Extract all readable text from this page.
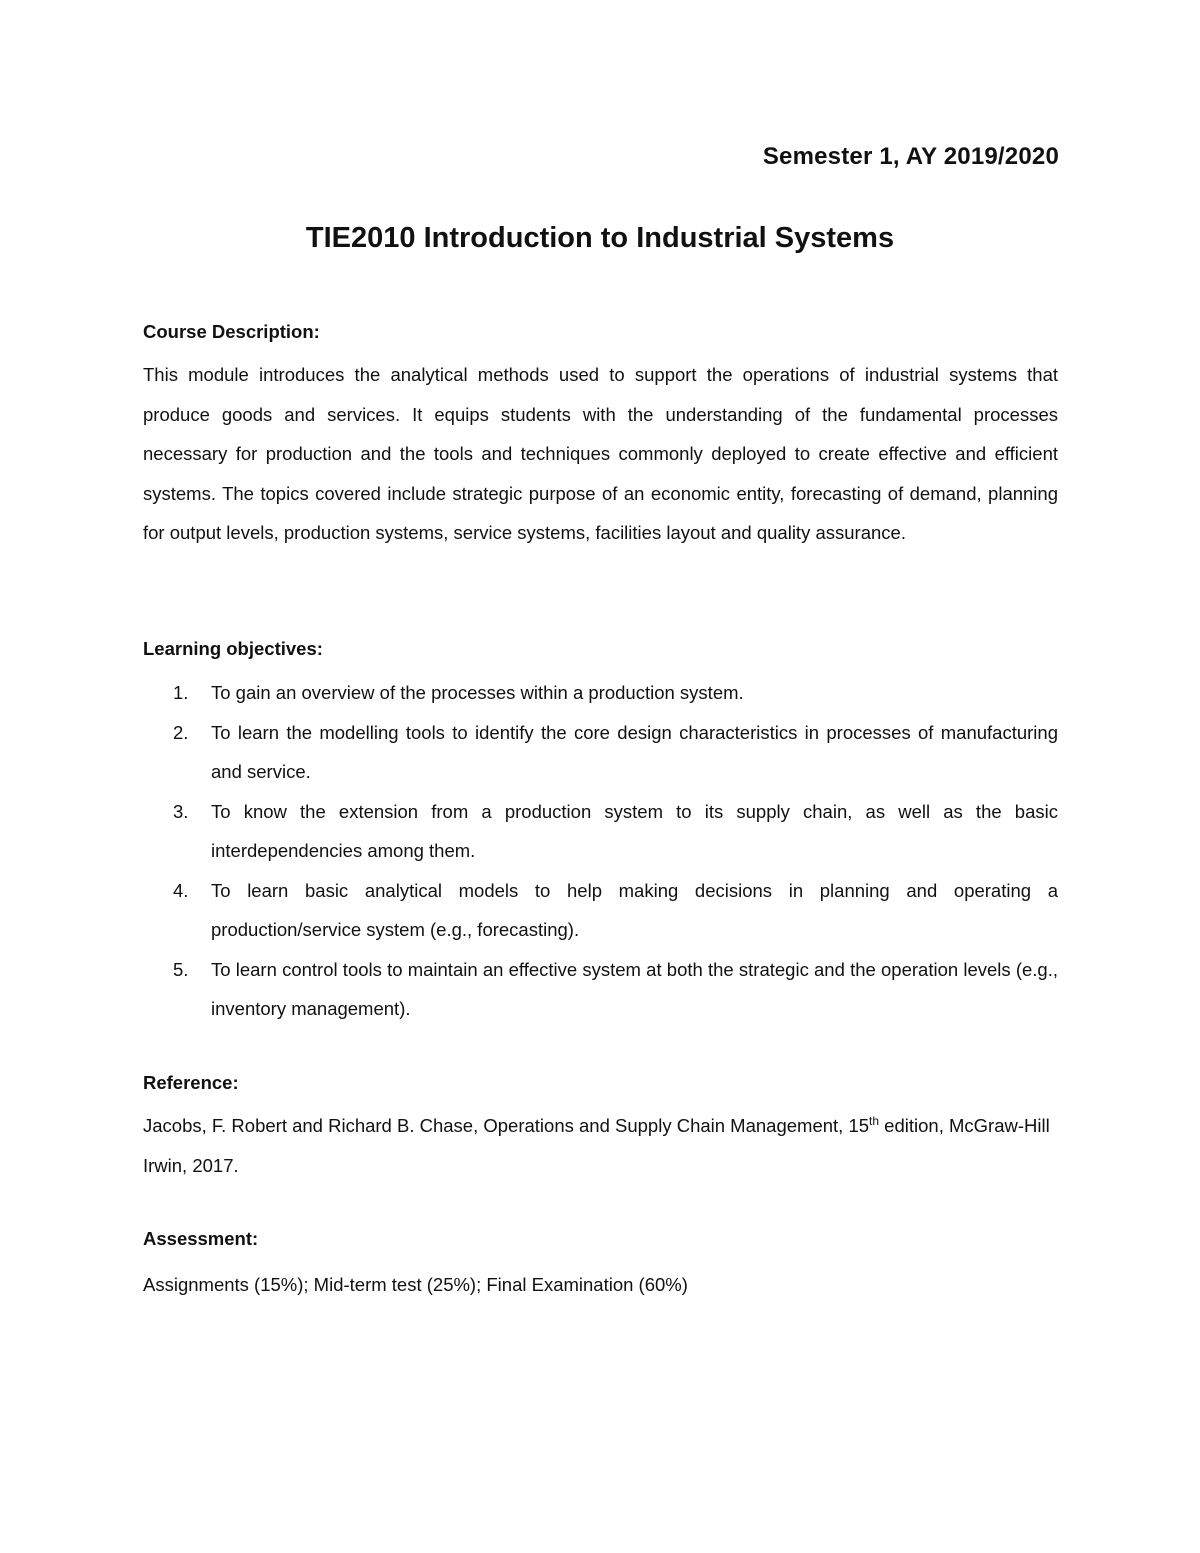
Semester 1, AY 2019/2020
TIE2010 Introduction to Industrial Systems
Course Description:
This module introduces the analytical methods used to support the operations of industrial systems that produce goods and services. It equips students with the understanding of the fundamental processes necessary for production and the tools and techniques commonly deployed to create effective and efficient systems. The topics covered include strategic purpose of an economic entity, forecasting of demand, planning for output levels, production systems, service systems, facilities layout and quality assurance.
Learning objectives:
1.	To gain an overview of the processes within a production system.
2.	To learn the modelling tools to identify the core design characteristics in processes of manufacturing and service.
3.	To know the extension from a production system to its supply chain, as well as the basic interdependencies among them.
4.	To learn basic analytical models to help making decisions in planning and operating a production/service system (e.g., forecasting).
5.	To learn control tools to maintain an effective system at both the strategic and the operation levels (e.g., inventory management).
Reference:
Jacobs, F. Robert and Richard B. Chase, Operations and Supply Chain Management, 15th edition, McGraw-Hill Irwin, 2017.
Assessment:
Assignments (15%); Mid-term test (25%); Final Examination (60%)
